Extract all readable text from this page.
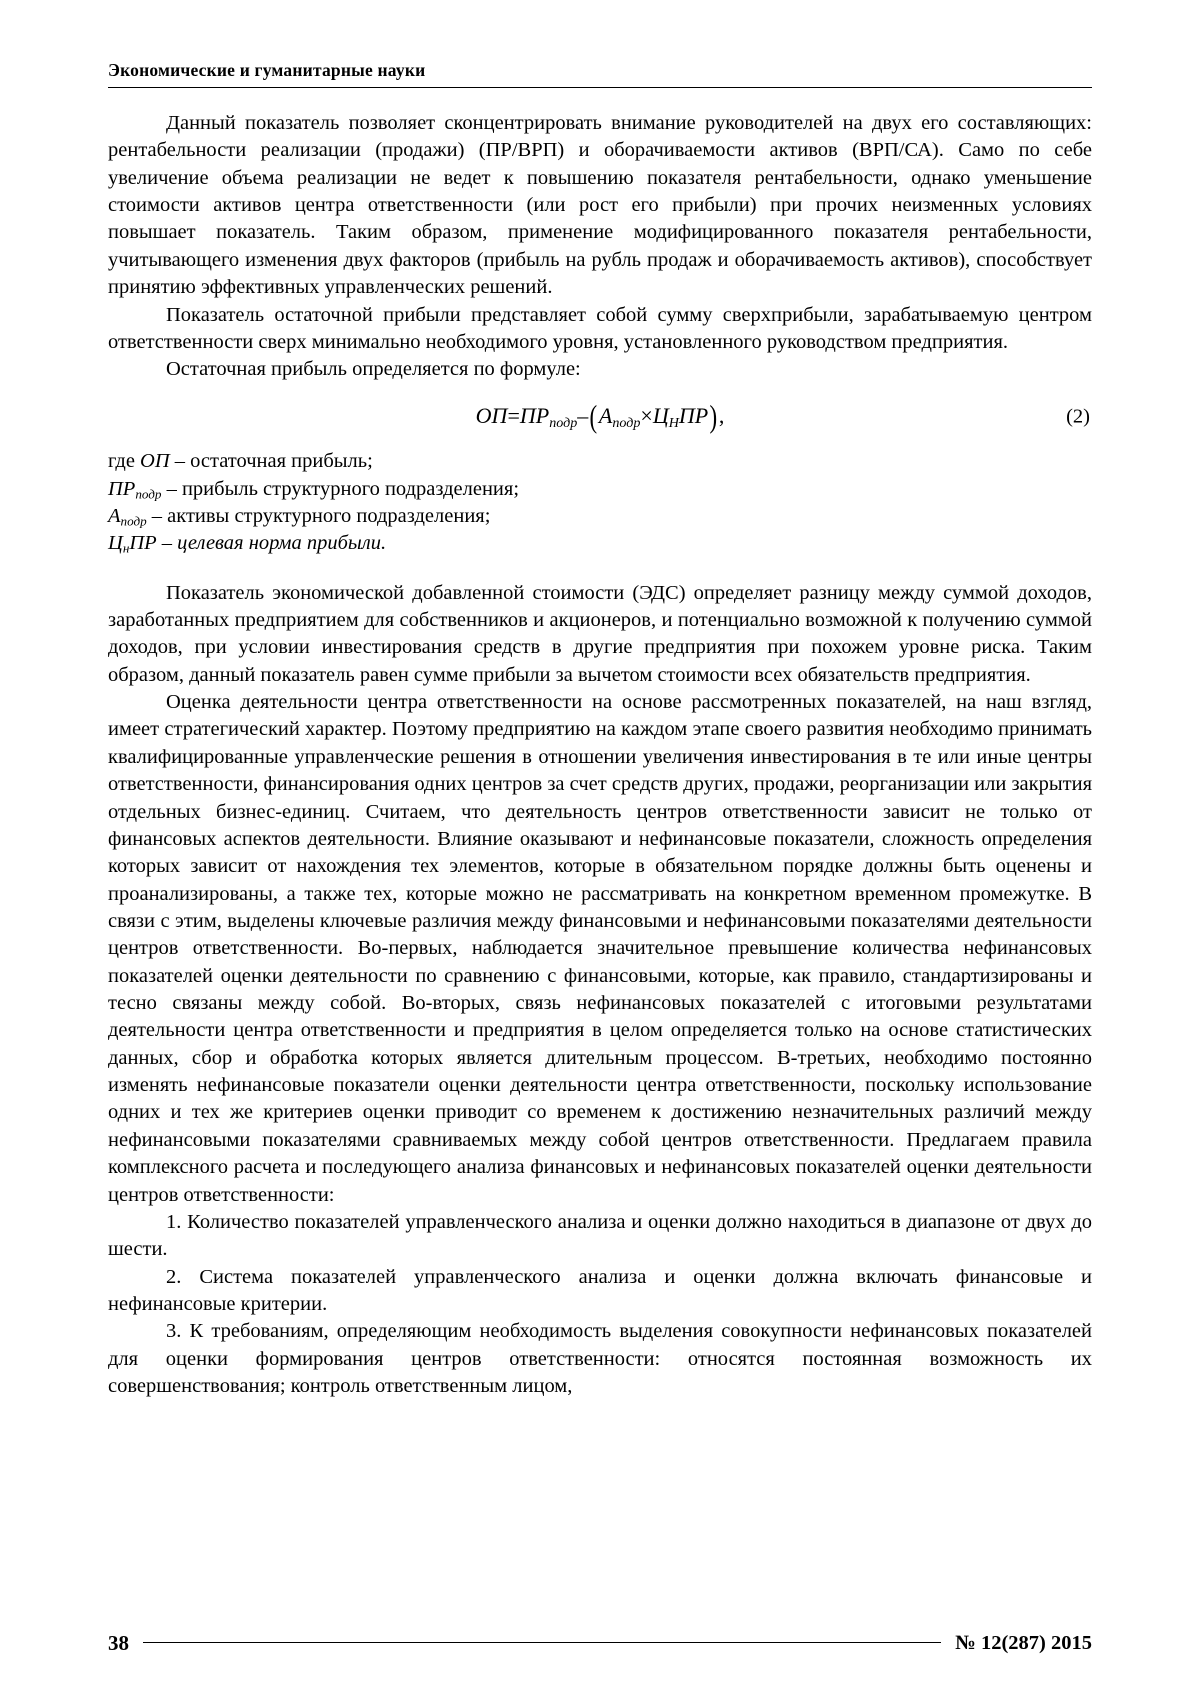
Экономические и гуманитарные науки

Данный показатель позволяет сконцентрировать внимание руководителей на двух его составляющих: рентабельности реализации (продажи) (ПР/ВРП) и оборачиваемости активов (ВРП/СА). Само по себе увеличение объема реализации не ведет к повышению показателя рентабельности, однако уменьшение стоимости активов центра ответственности (или рост его прибыли) при прочих неизменных условиях повышает показатель. Таким образом, применение модифицированного показателя рентабельности, учитывающего изменения двух факторов (прибыль на рубль продаж и оборачиваемость активов), способствует принятию эффективных управленческих решений.

Показатель остаточной прибыли представляет собой сумму сверхприбыли, зарабатываемую центром ответственности сверх минимально необходимого уровня, установленного руководством предприятия.

Остаточная прибыль определяется по формуле:

$ОП=ПР_{подр}-(А_{подр}\times Ц_НПР)$,	(2)

где ОП – остаточная прибыль;

$ПР_{подр}$ – прибыль структурного подразделения;

$А_{подр}$ – активы структурного подразделения;

$Ц_нПР$ – целевая норма прибыли.

Показатель экономической добавленной стоимости (ЭДС) определяет разницу между суммой доходов, заработанных предприятием для собственников и акционеров, и потенциально возможной к получению суммой доходов, при условии инвестирования средств в другие предприятия при похожем уровне риска. Таким образом, данный показатель равен сумме прибыли за вычетом стоимости всех обязательств предприятия.

Оценка деятельности центра ответственности на основе рассмотренных показателей, на наш взгляд, имеет стратегический характер. Поэтому предприятию на каждом этапе своего развития необходимо принимать квалифицированные управленческие решения в отношении увеличения инвестирования в те или иные центры ответственности, финансирования одних центров за счет средств других, продажи, реорганизации или закрытия отдельных бизнес-единиц. Считаем, что деятельность центров ответственности зависит не только от финансовых аспектов деятельности. Влияние оказывают и нефинансовые показатели, сложность определения которых зависит от нахождения тех элементов, которые в обязательном порядке должны быть оценены и проанализированы, а также тех, которые можно не рассматривать на конкретном временном промежутке. В связи с этим, выделены ключевые различия между финансовыми и нефинансовыми показателями деятельности центров ответственности. Во-первых, наблюдается значительное превышение количества нефинансовых показателей оценки деятельности по сравнению с финансовыми, которые, как правило, стандартизированы и тесно связаны между собой. Во-вторых, связь нефинансовых показателей с итоговыми результатами деятельности центра ответственности и предприятия в целом определяется только на основе статистических данных, сбор и обработка которых является длительным процессом. В-третьих, необходимо постоянно изменять нефинансовые показатели оценки деятельности центра ответственности, поскольку использование одних и тех же критериев оценки приводит со временем к достижению незначительных различий между нефинансовыми показателями сравниваемых между собой центров ответственности. Предлагаем правила комплексного расчета и последующего анализа финансовых и нефинансовых показателей оценки деятельности центров ответственности:

1. Количество показателей управленческого анализа и оценки должно находиться в диапазоне от двух до шести.

2. Система показателей управленческого анализа и оценки должна включать финансовые и нефинансовые критерии.

3. К требованиям, определяющим необходимость выделения совокупности нефинансовых показателей для оценки формирования центров ответственности: относятся постоянная возможность их совершенствования; контроль ответственным лицом,

38	№ 12(287) 2015
